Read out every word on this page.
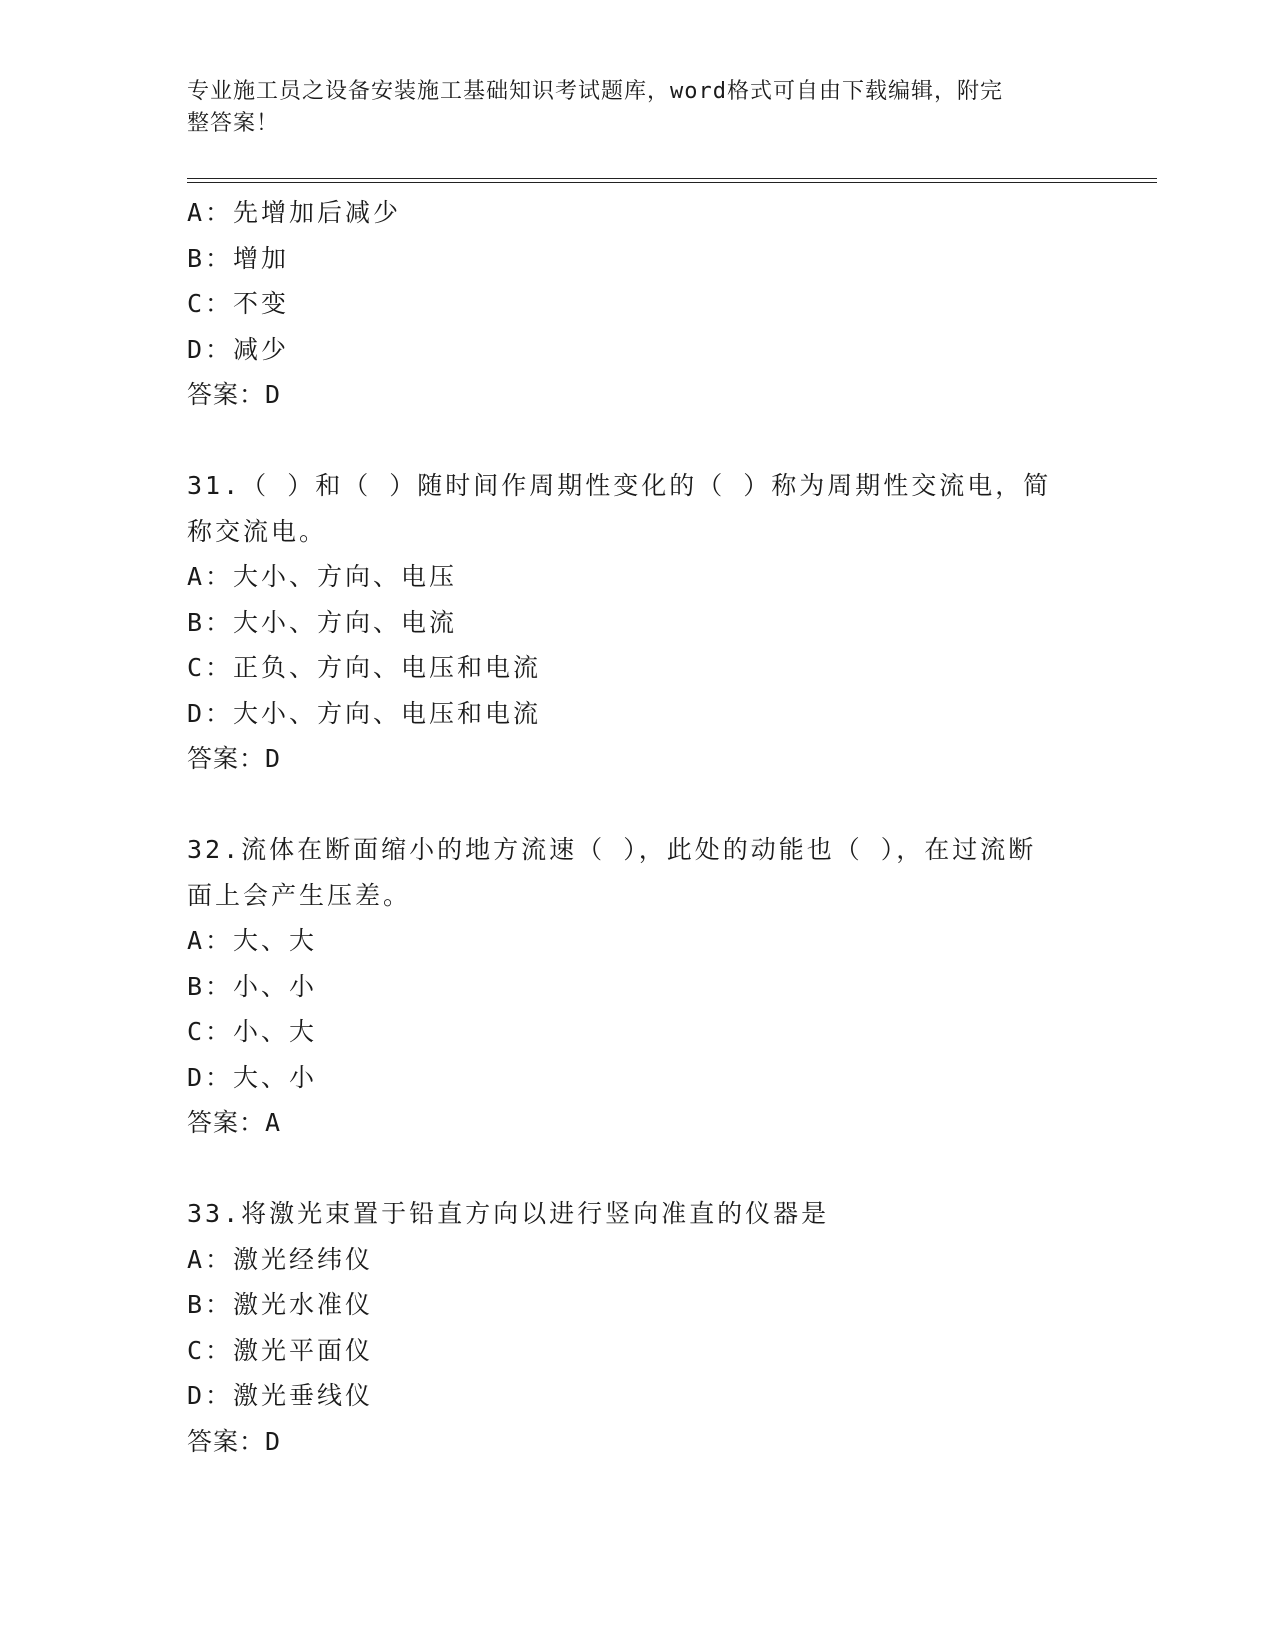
专业施工员之设备安装施工基础知识考试题库，word格式可自由下载编辑，附完
整答案！
A：先增加后减少
B：增加
C：不变
D：减少
答案：D
31.（ ）和（ ）随时间作周期性变化的（ ）称为周期性交流电，简
称交流电。
A：大小、方向、电压
B：大小、方向、电流
C：正负、方向、电压和电流
D：大小、方向、电压和电流
答案：D
32.流体在断面缩小的地方流速（ ），此处的动能也（ ），在过流断
面上会产生压差。
A：大、大
B：小、小
C：小、大
D：大、小
答案：A
33.将激光束置于铅直方向以进行竖向准直的仪器是
A：激光经纬仪
B：激光水准仪
C：激光平面仪
D：激光垂线仪
答案：D
